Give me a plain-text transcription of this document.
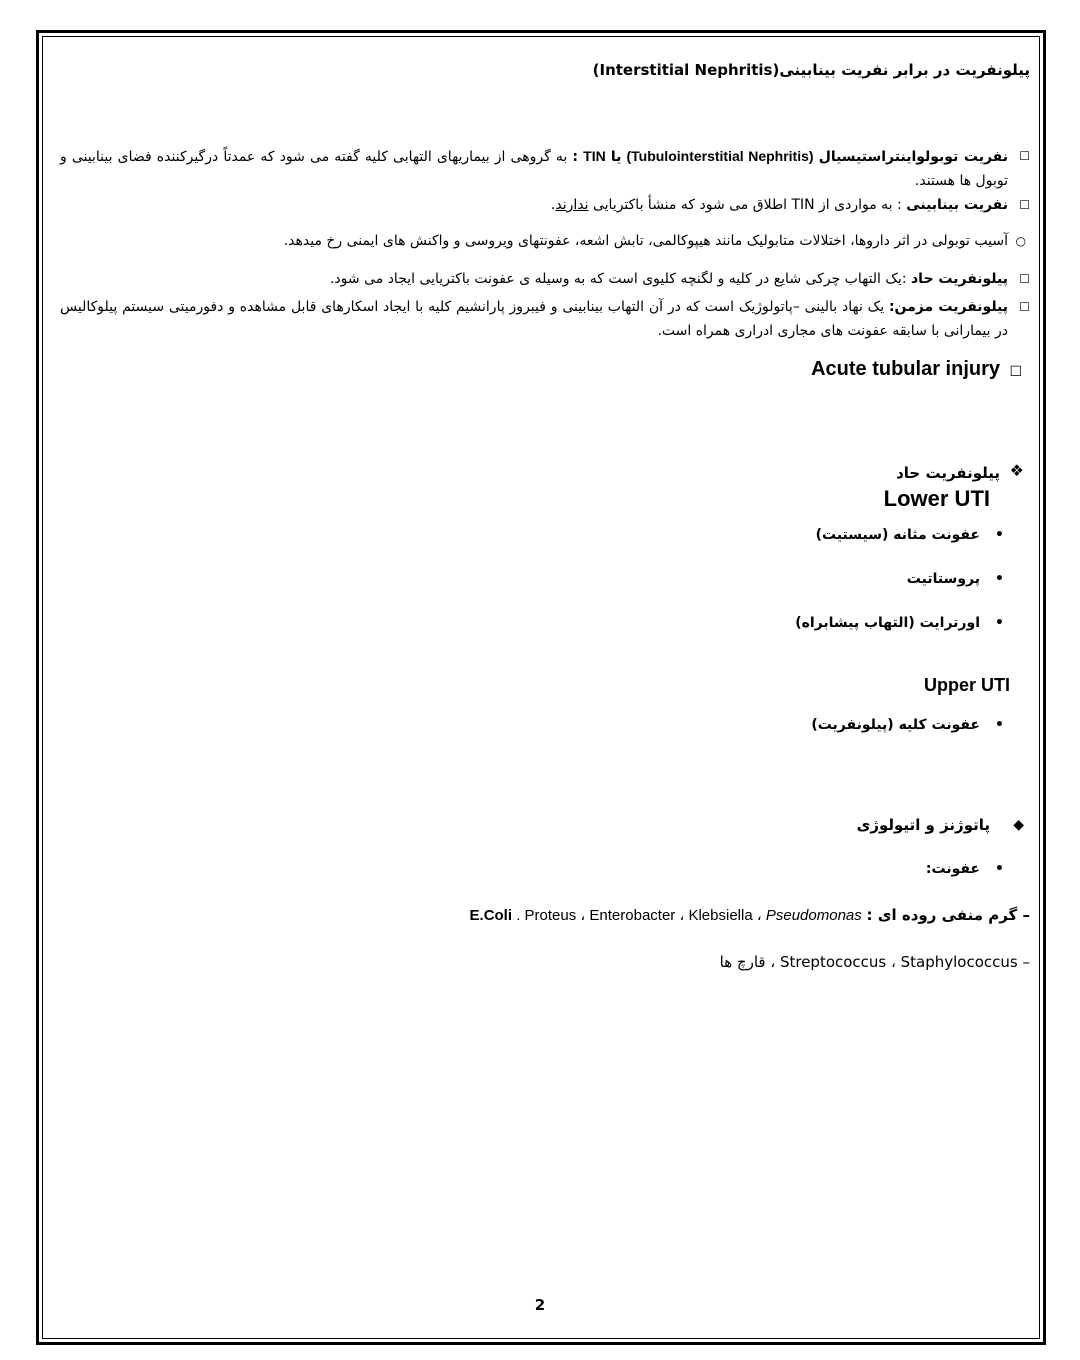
پیلونفریت در برابر نفریت بینابینی(Interstitial Nephritis)

☐
نفریت توبولواینتراستیسیال (Tubulointerstitial Nephritis) یا TIN : به گروهی از بیماریهای التهابی کلیه گفته می شود که عمدتاً درگیرکننده فضای بینابینی و توبول ها هستند.
☐
نفریت بینابینی : به مواردی از TIN اطلاق می شود که منشأ باکتریایی ندارند.
○
آسیب توبولی در اثر داروها، اختلالات متابولیک مانند هیپوکالمی، تابش اشعه، عفونتهای ویروسی و واکنش های ایمنی رخ میدهد.
☐
پیلونفریت حاد :یک التهاب چرکی شایع در کلیه و لگنچه کلیوی است که به وسیله ی عفونت باکتریایی ایجاد می شود.
☐
پیلونفریت مزمن: یک نهاد بالینی –پاتولوژیک است که در آن التهاب بینابینی و فیبروز پارانشیم کلیه با ایجاد اسکارهای قابل مشاهده و دفورمیتی سیستم پیلوکالیس در بیمارانی با سابقه عفونت های مجاری ادراری همراه است.
☐
Acute tubular injury
❖
پیلونفریت حاد
Lower UTI
•
عفونت مثانه (سیستیت)
•
پروستاتیت
•
اورترایت (التهاب پیشابراه)
Upper UTI
•
عفونت کلیه (پیلونفریت)
◆
پاتوژنز و اتیولوژی
•
عفونت:
– گرم منفی روده ای : E.Coli . Proteus ، Enterobacter ، Klebsiella ، Pseudomonas
– Streptococcus ، Staphylococcus ، قارچ ها
2
